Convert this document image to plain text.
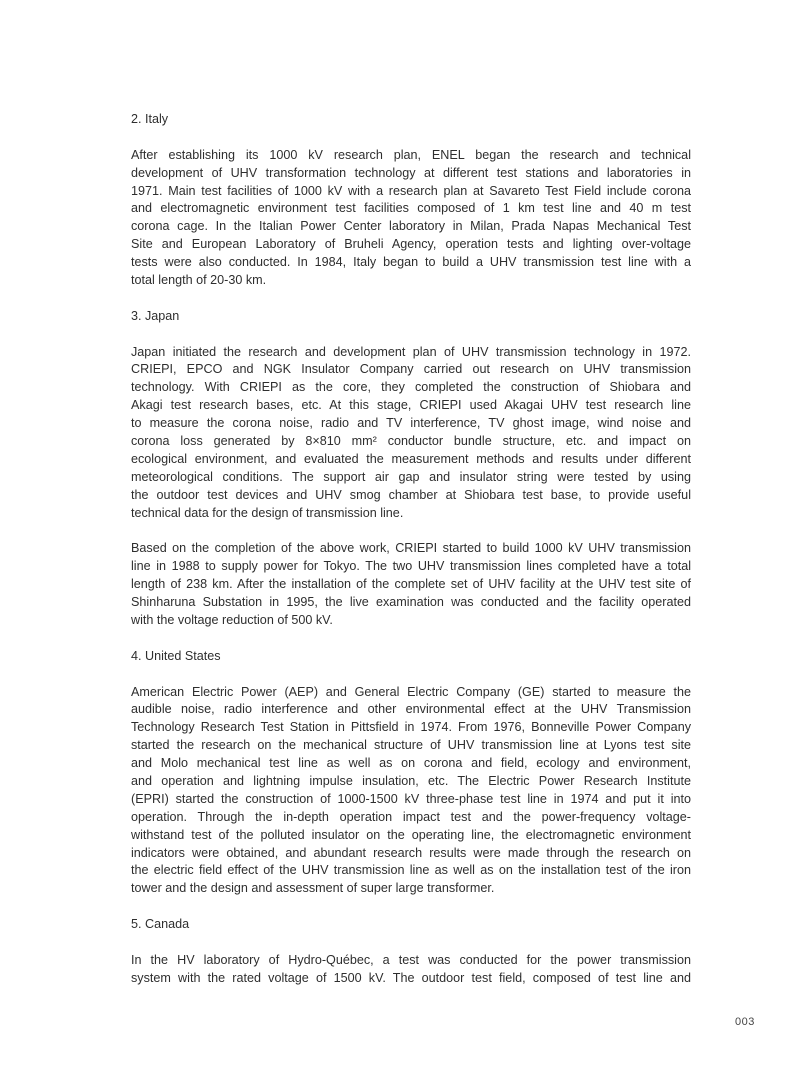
2. Italy
After establishing its 1000 kV research plan, ENEL began the research and technical
development of UHV transformation technology at different test stations and laboratories in
1971. Main test facilities of 1000 kV with a research plan at Savareto Test Field include corona
and electromagnetic environment test facilities composed of 1 km test line and 40 m test
corona cage. In the Italian Power Center laboratory in Milan, Prada Napas Mechanical Test
Site and European Laboratory of Bruheli Agency, operation tests and lighting over-voltage
tests were also conducted. In 1984, Italy began to build a UHV transmission test line with a
total length of 20-30 km.
3. Japan
Japan initiated the research and development plan of UHV transmission technology in 1972.
CRIEPI, EPCO and NGK Insulator Company carried out research on UHV transmission
technology. With CRIEPI as the core, they completed the construction of Shiobara and
Akagi test research bases, etc. At this stage, CRIEPI used Akagai UHV test research line
to measure the corona noise, radio and TV interference, TV ghost image, wind noise and
corona loss generated by 8×810 mm² conductor bundle structure, etc. and impact on
ecological environment, and evaluated the measurement methods and results under different
meteorological conditions. The support air gap and insulator string were tested by using
the outdoor test devices and UHV smog chamber at Shiobara test base, to provide useful
technical data for the design of transmission line.
Based on the completion of the above work, CRIEPI started to build 1000 kV UHV transmission
line in 1988 to supply power for Tokyo. The two UHV transmission lines completed have a total
length of 238 km. After the installation of the complete set of UHV facility at the UHV test site of
Shinharuna Substation in 1995, the live examination was conducted and the facility operated
with the voltage reduction of 500 kV.
4. United States
American Electric Power (AEP) and General Electric Company (GE) started to measure the
audible noise, radio interference and other environmental effect at the UHV Transmission
Technology Research Test Station in Pittsfield in 1974. From 1976, Bonneville Power Company
started the research on the mechanical structure of UHV transmission line at Lyons test site
and Molo mechanical test line as well as on corona and field, ecology and environment,
and operation and lightning impulse insulation, etc. The Electric Power Research Institute
(EPRI) started the construction of 1000-1500 kV three-phase test line in 1974 and put it into
operation. Through the in-depth operation impact test and the power-frequency voltage-
withstand test of the polluted insulator on the operating line, the electromagnetic environment
indicators were obtained, and abundant research results were made through the research on
the electric field effect of the UHV transmission line as well as on the installation test of the iron
tower and the design and assessment of super large transformer.
5. Canada
In the HV laboratory of Hydro-Québec, a test was conducted for the power transmission
system with the rated voltage of 1500 kV. The outdoor test field, composed of test line and
003
